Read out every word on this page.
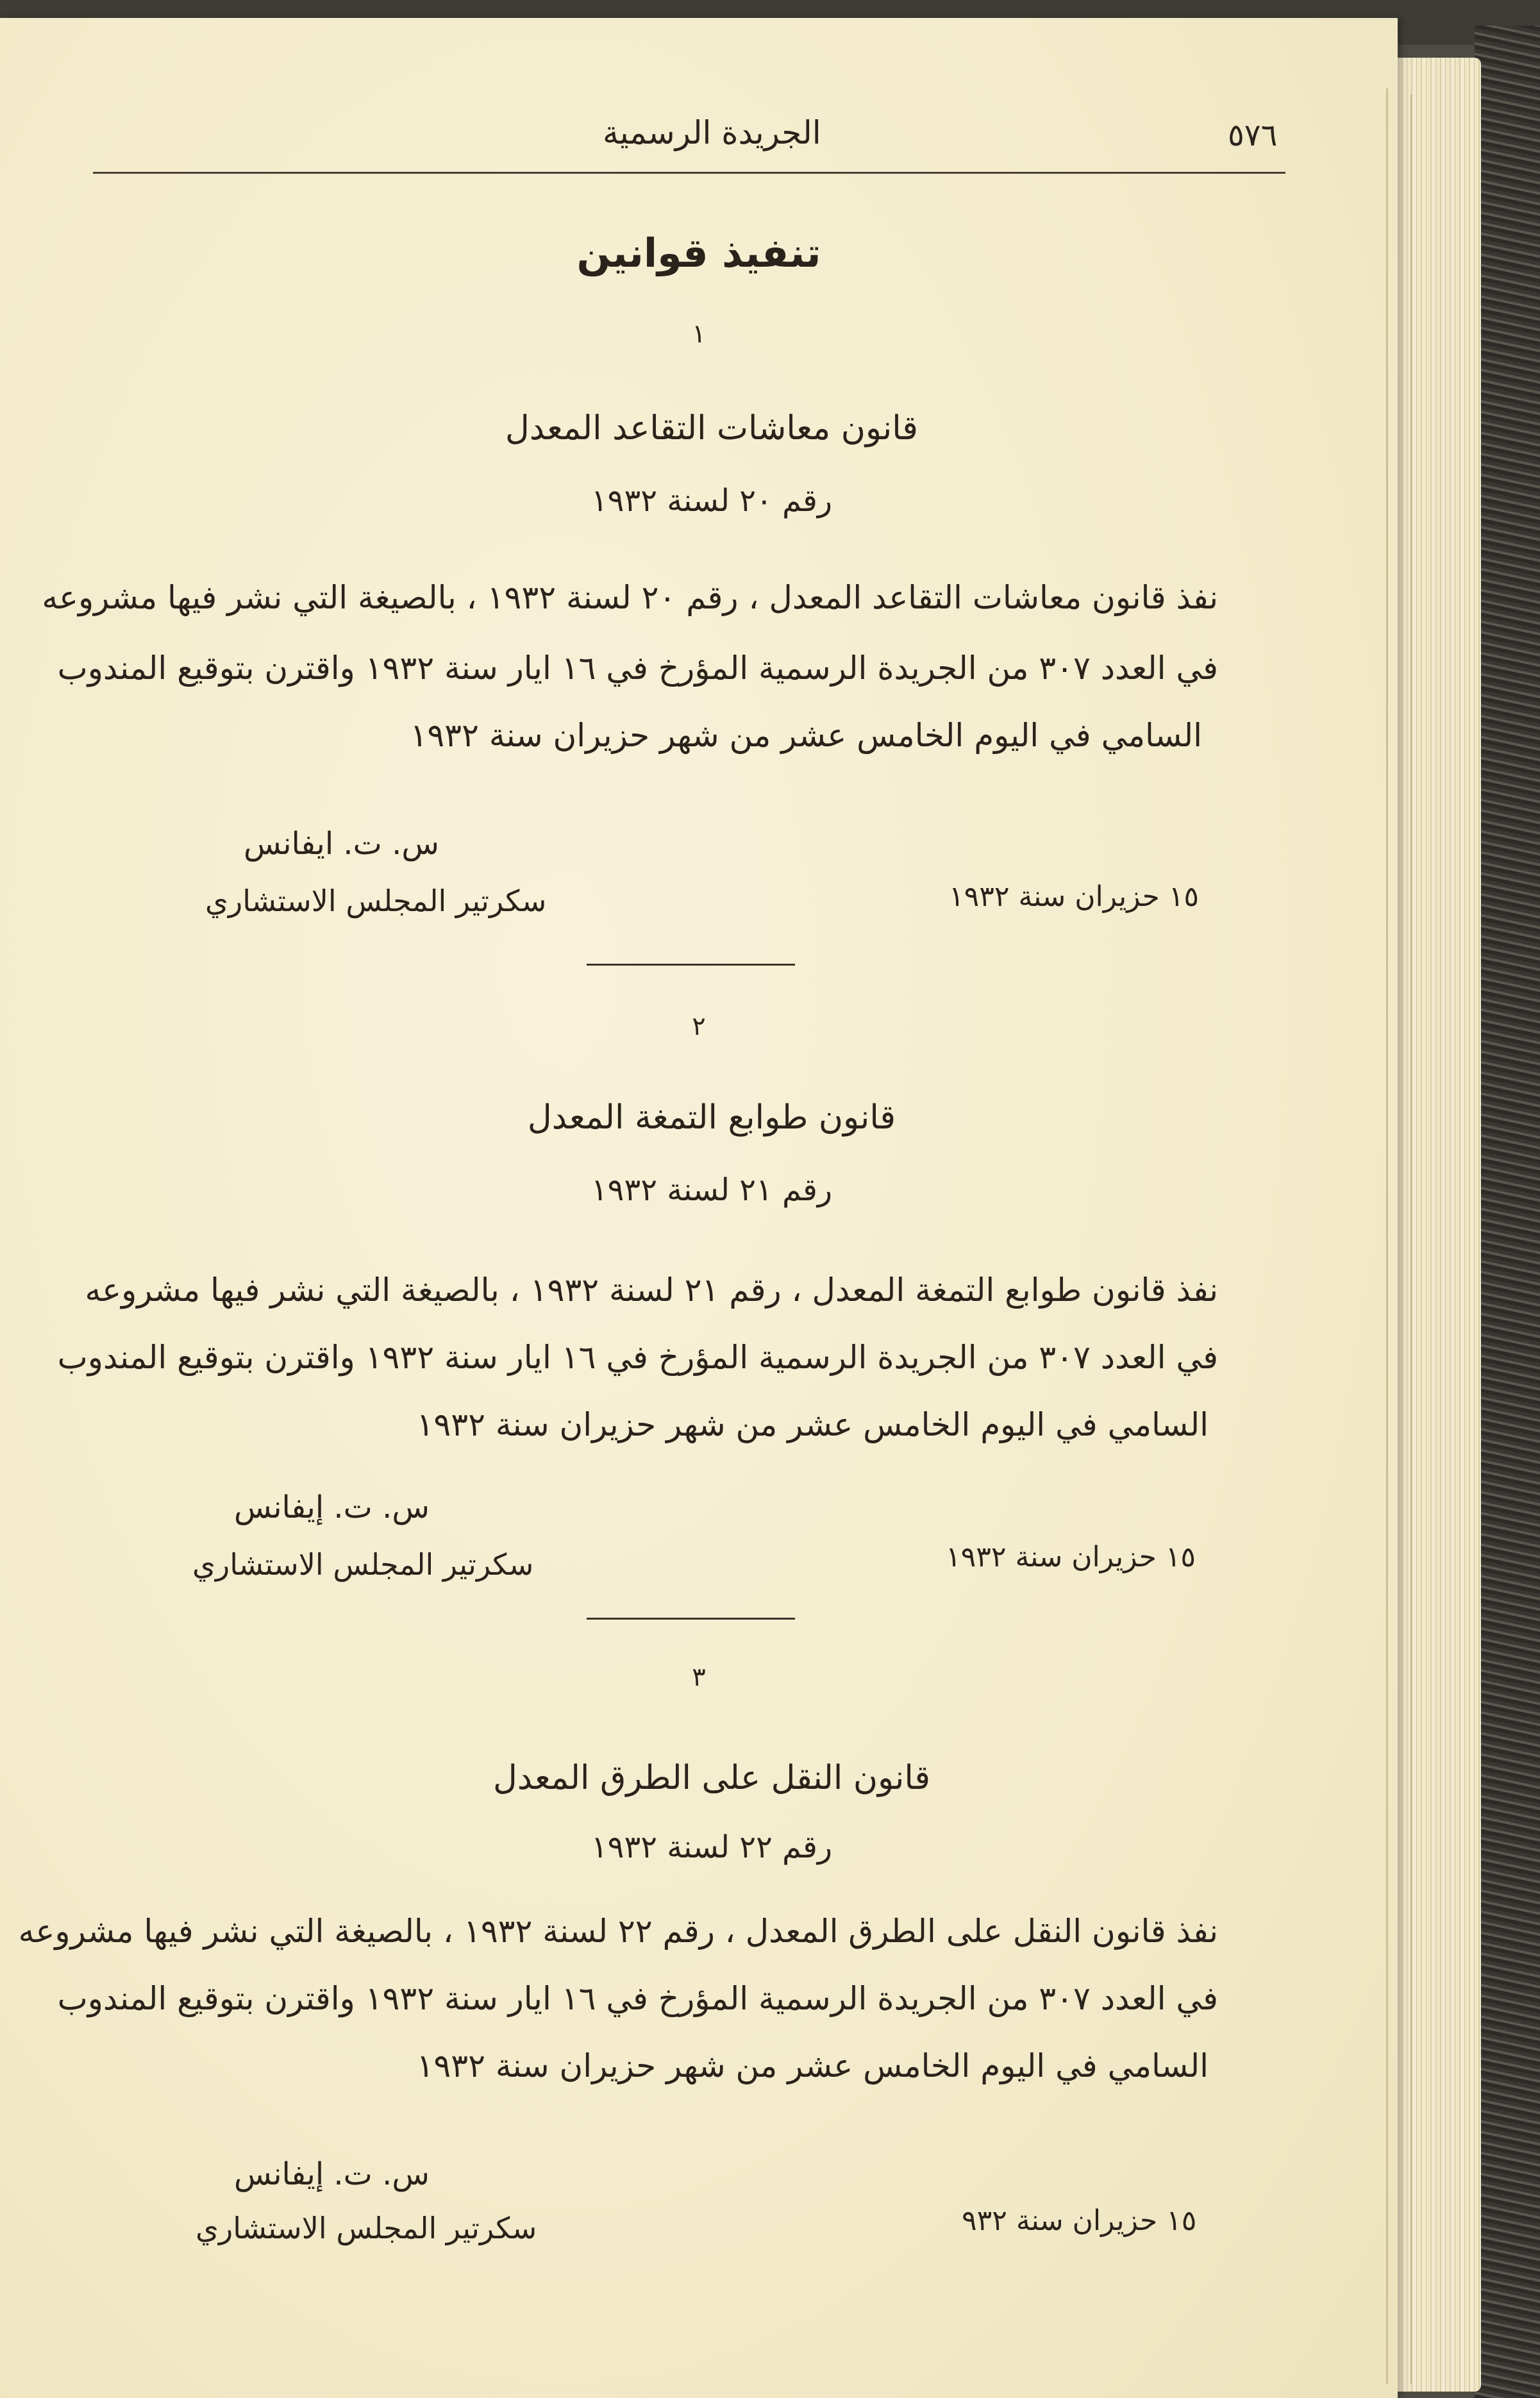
٥٧٦
الجريدة الرسمية
تنفيذ قوانين
١
قانون معاشات التقاعد المعدل
رقم ٢٠ لسنة ١٩٣٢
نفذ قانون معاشات التقاعد المعدل ، رقم ٢٠ لسنة ١٩٣٢ ، بالصيغة التي نشر فيها مشروعه
في العدد ٣٠٧ من الجريدة الرسمية المؤرخ في ١٦ ايار سنة ١٩٣٢ واقترن بتوقيع المندوب
السامي في اليوم الخامس عشر من شهر حزيران سنة ١٩٣٢
س. ت. ايفانس
سكرتير المجلس الاستشاري	١٥ حزيران سنة ١٩٣٢
٢
قانون طوابع التمغة المعدل
رقم ٢١ لسنة ١٩٣٢
نفذ قانون طوابع التمغة المعدل ، رقم ٢١ لسنة ١٩٣٢ ، بالصيغة التي نشر فيها مشروعه
في العدد ٣٠٧ من الجريدة الرسمية المؤرخ في ١٦ ايار سنة ١٩٣٢ واقترن بتوقيع المندوب
السامي في اليوم الخامس عشر من شهر حزيران سنة ١٩٣٢
س. ت. إيفانس
سكرتير المجلس الاستشاري	١٥ حزيران سنة ١٩٣٢
٣
قانون النقل على الطرق المعدل
رقم ٢٢ لسنة ١٩٣٢
نفذ قانون النقل على الطرق المعدل ، رقم ٢٢ لسنة ١٩٣٢ ، بالصيغة التي نشر فيها مشروعه
في العدد ٣٠٧ من الجريدة الرسمية المؤرخ في ١٦ ايار سنة ١٩٣٢ واقترن بتوقيع المندوب
السامي في اليوم الخامس عشر من شهر حزيران سنة ١٩٣٢
س. ت. إيفانس
سكرتير المجلس الاستشاري	١٥ حزيران سنة ٩٣٢
